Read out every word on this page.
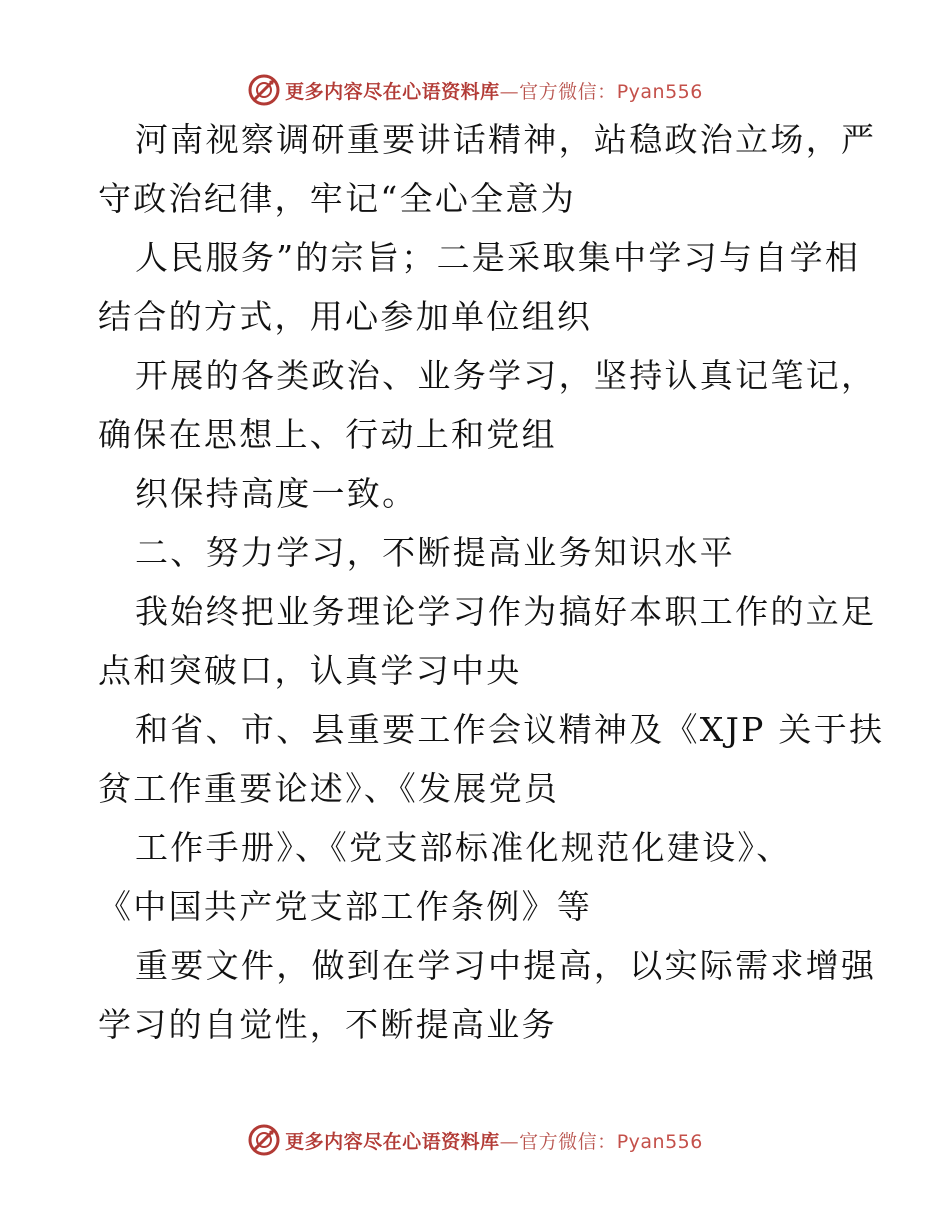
更多内容尽在心语资料库—官方微信：Pyan556
河南视察调研重要讲话精神，站稳政治立场，严
守政治纪律，牢记“全心全意为
人民服务”的宗旨；二是采取集中学习与自学相
结合的方式，用心参加单位组织
开展的各类政治、业务学习，坚持认真记笔记，
确保在思想上、行动上和党组
织保持高度一致。
二、努力学习，不断提高业务知识水平
我始终把业务理论学习作为搞好本职工作的立足
点和突破口，认真学习中央
和省、市、县重要工作会议精神及《XJP 关于扶
贫工作重要论述》、《发展党员
工作手册》、《党支部标准化规范化建设》、
《中国共产党支部工作条例》等
重要文件，做到在学习中提高，以实际需求增强
学习的自觉性，不断提高业务
更多内容尽在心语资料库—官方微信：Pyan556
